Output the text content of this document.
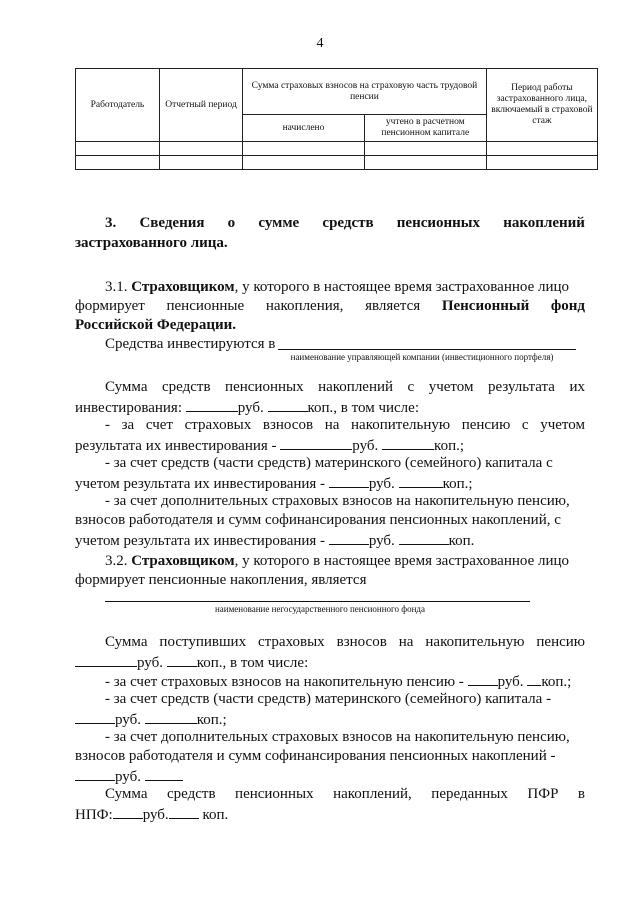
4
Работодатель	Отчетный период	Сумма страховых взносов на страховую часть трудовой пенсии		Период работы застрахованного лица, включаемый в страховой стаж
		начислено	учтено в расчетном пенсионном капитале	

3. Сведения о сумме средств пенсионных накоплений
застрахованного лица.
3.1. Страховщиком, у которого в настоящее время застрахованное лицо
формирует пенсионные накопления, является Пенсионный фонд
Российской Федерации.
Средства инвестируются в
наименование управляющей компании (инвестиционного портфеля)
Сумма средств пенсионных накоплений с учетом результата их
инвестирования:	руб.	коп., в том числе:
- за счет страховых взносов на накопительную пенсию с учетом
результата их инвестирования -	руб.	коп.;
- за счет средств (части средств) материнского (семейного) капитала с
учетом результата их инвестирования -	руб.	коп.;
- за счет дополнительных страховых взносов на накопительную пенсию,
взносов работодателя и сумм софинансирования пенсионных накоплений, с
учетом результата их инвестирования -	руб.	коп.
3.2. Страховщиком, у которого в настоящее время застрахованное лицо
формирует пенсионные накопления, является
наименование негосударственного пенсионного фонда
Сумма поступивших страховых взносов на накопительную пенсию
руб. коп., в том числе:
- за счет страховых взносов на накопительную пенсию - руб. коп.;
- за счет средств (части средств) материнского (семейного) капитала -
руб.	коп.;
- за счет дополнительных страховых взносов на накопительную пенсию,
взносов работодателя и сумм софинансирования пенсионных накоплений -
руб.
Сумма средств пенсионных накоплений, переданных ПФР в
НПФ: руб. коп.
